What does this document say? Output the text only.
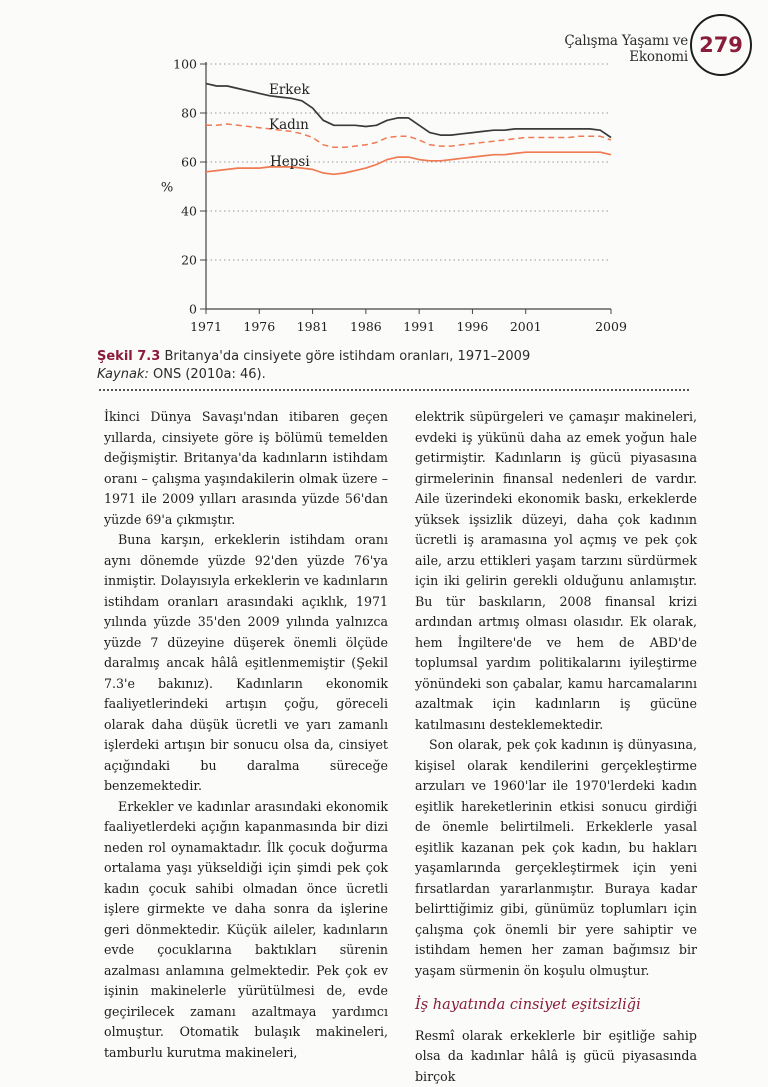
Çalışma Yaşamı ve Ekonomi 279
0
20
40
60
80
100
%
1971 1976 1981 1986 1991 1996 2001	2009
Erkek
Kadın
Hepsi
Şekil 7.3 Britanya'da cinsiyete göre istihdam oranları, 1971–2009
Kaynak: ONS (2010a: 46).

İkinci Dünya Savaşı'ndan itibaren geçen yıllarda, cinsiyete göre iş bölümü temelden değişmiştir. Britanya'da kadınların istihdam oranı – çalışma yaşındakilerin olmak üzere – 1971 ile 2009 yılları arasında yüzde 56'dan yüzde 69'a çıkmıştır.

Buna karşın, erkeklerin istihdam oranı aynı dönemde yüzde 92'den yüzde 76'ya inmiştir. Dolayısıyla erkeklerin ve kadınların istihdam oranları arasındaki açıklık, 1971 yılında yüzde 35'den 2009 yılında yalnızca yüzde 7 düzeyine düşerek önemli ölçüde daralmış ancak hâlâ eşitlenmemiştir (Şekil 7.3'e bakınız). Kadınların ekonomik faaliyetlerindeki artışın çoğu, göreceli olarak daha düşük ücretli ve yarı zamanlı işlerdeki artışın bir sonucu olsa da, cinsiyet açığındaki bu daralma süreceğe benzemektedir.

Erkekler ve kadınlar arasındaki ekonomik faaliyetlerdeki açığın kapanmasında bir dizi neden rol oynamaktadır. İlk çocuk doğurma ortalama yaşı yükseldiği için şimdi pek çok kadın çocuk sahibi olmadan önce ücretli işlere girmekte ve daha sonra da işlerine geri dönmektedir. Küçük aileler, kadınların evde çocuklarına baktıkları sürenin azalması anlamına gelmektedir. Pek çok ev işinin makinelerle yürütülmesi de, evde geçirilecek zamanı azaltmaya yardımcı olmuştur. Otomatik bulaşık makineleri, tamburlu kurutma makineleri,

elektrik süpürgeleri ve çamaşır makineleri, evdeki iş yükünü daha az emek yoğun hale getirmiştir. Kadınların iş gücü piyasasına girmelerinin finansal nedenleri de vardır. Aile üzerindeki ekonomik baskı, erkeklerde yüksek işsizlik düzeyi, daha çok kadının ücretli iş aramasına yol açmış ve pek çok aile, arzu ettikleri yaşam tarzını sürdürmek için iki gelirin gerekli olduğunu anlamıştır. Bu tür baskıların, 2008 finansal krizi ardından artmış olması olasıdır. Ek olarak, hem İngiltere'de ve hem de ABD'de toplumsal yardım politikalarını iyileştirme yönündeki son çabalar, kamu harcamalarını azaltmak için kadınların iş gücüne katılmasını desteklemektedir.

Son olarak, pek çok kadının iş dünyasına, kişisel olarak kendilerini gerçekleştirme arzuları ve 1960'lar ile 1970'lerdeki kadın eşitlik hareketlerinin etkisi sonucu girdiği de önemle belirtilmeli. Erkeklerle yasal eşitlik kazanan pek çok kadın, bu hakları yaşamlarında gerçekleştirmek için yeni fırsatlardan yararlanmıştır. Buraya kadar belirttiğimiz gibi, günümüz toplumları için çalışma çok önemli bir yere sahiptir ve istihdam hemen her zaman bağımsız bir yaşam sürmenin ön koşulu olmuştur.

İş hayatında cinsiyet eşitsizliği

Resmî olarak erkeklerle bir eşitliğe sahip olsa da kadınlar hâlâ iş gücü piyasasında birçok
